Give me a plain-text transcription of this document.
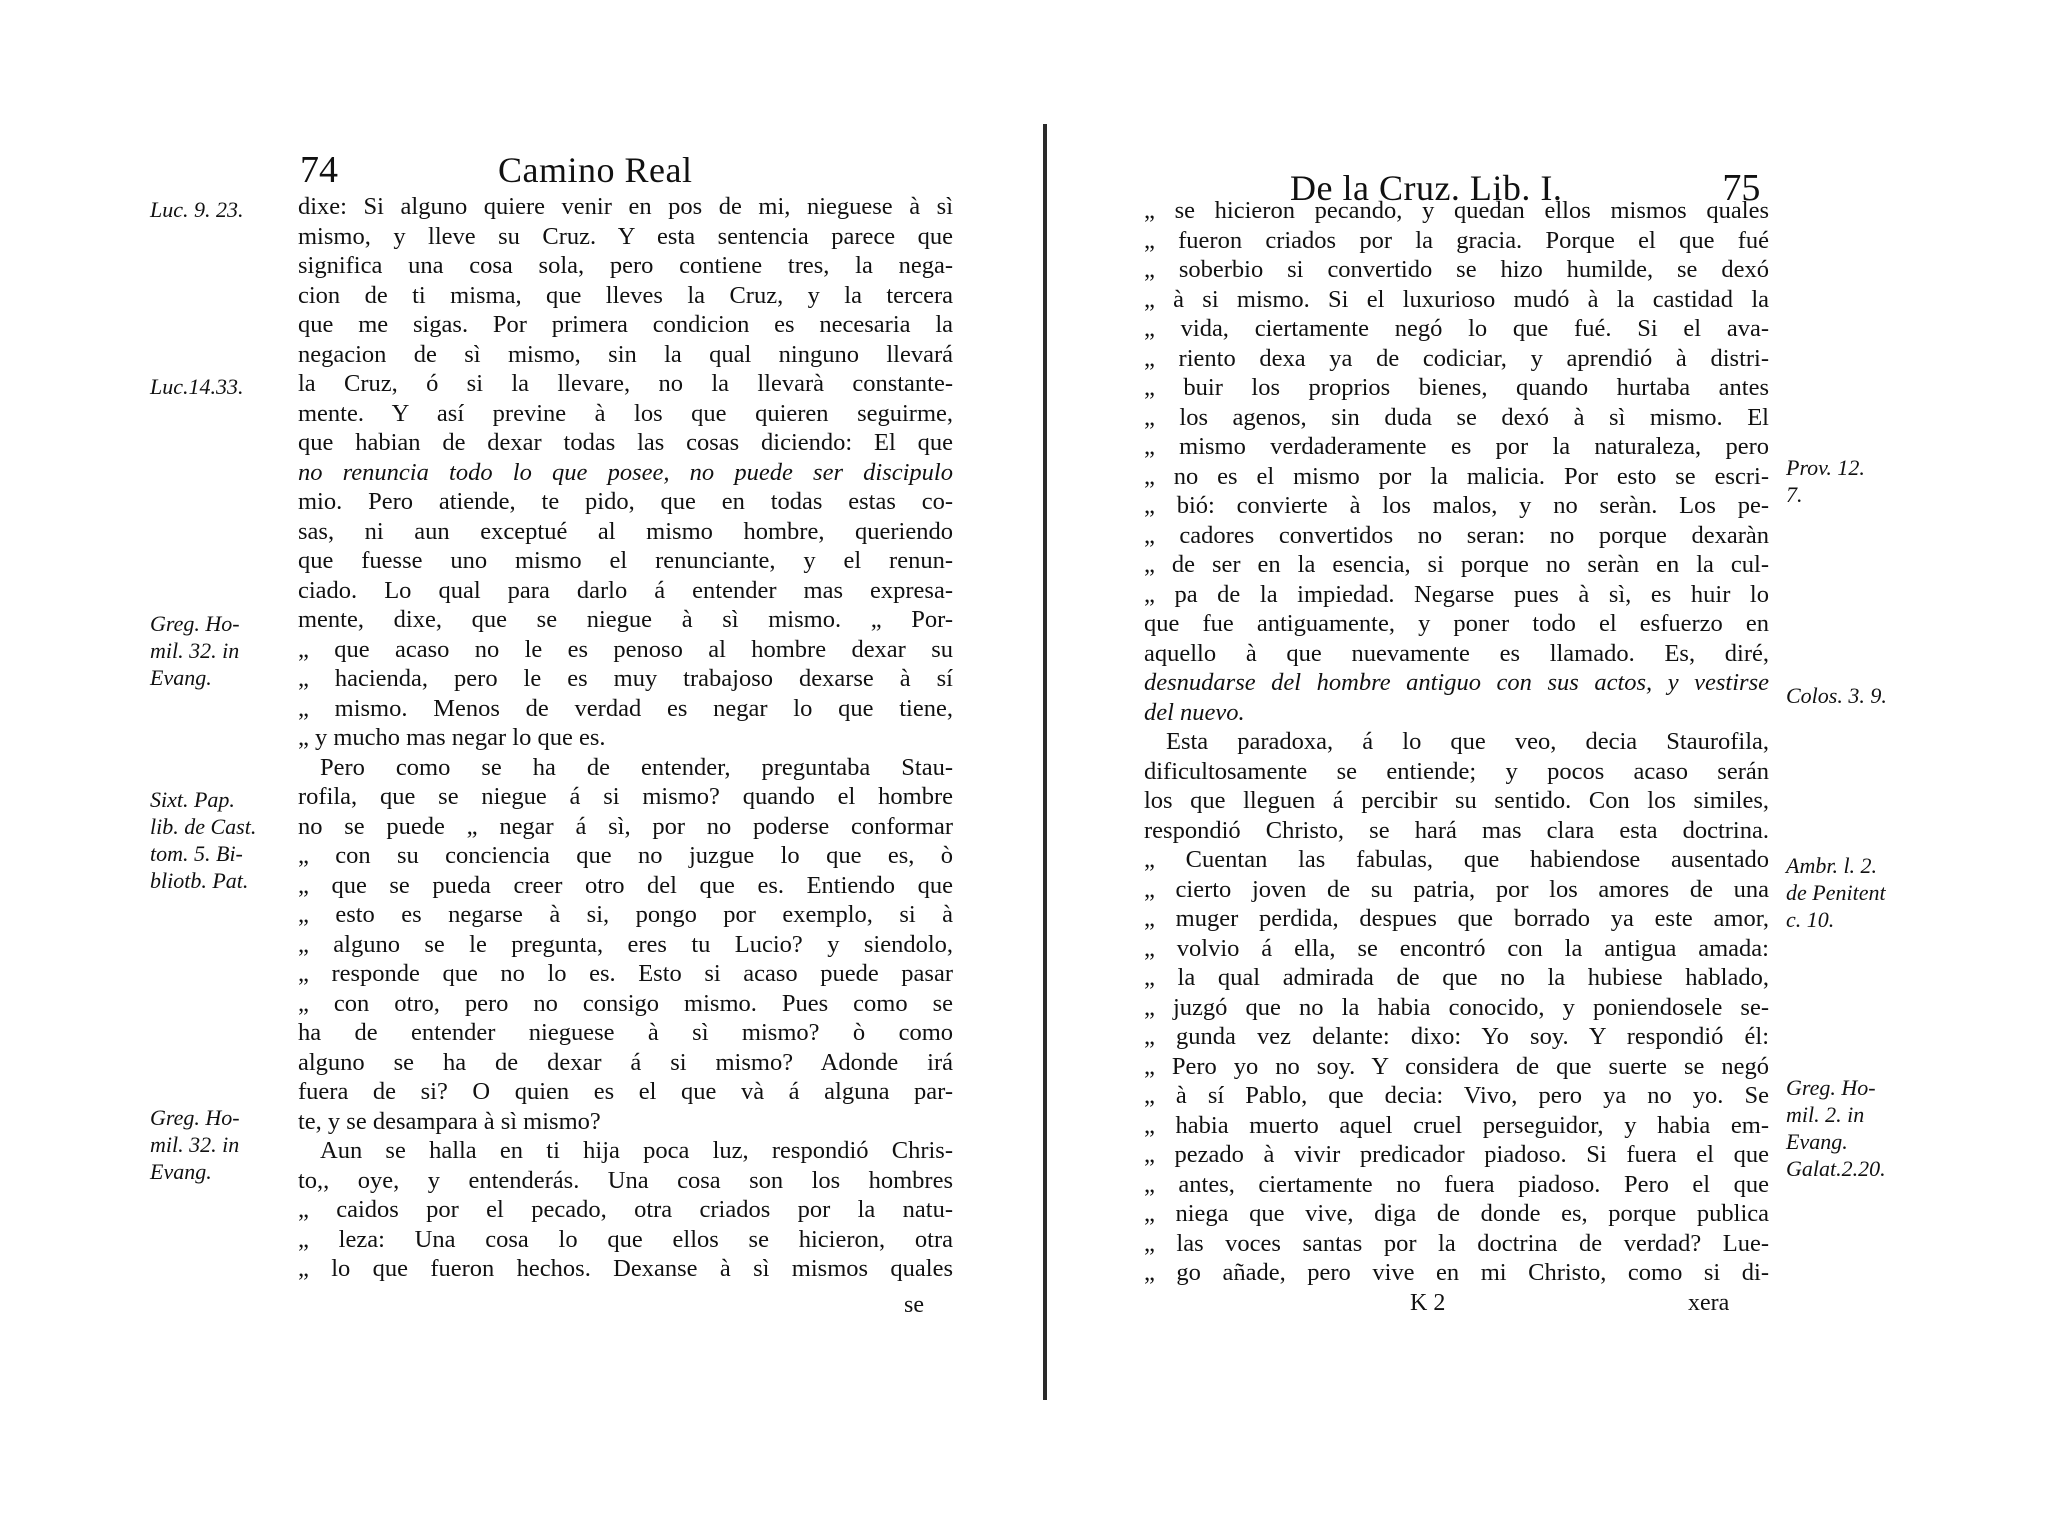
74	Camino Real
Luc. 9. 23.
Luc.14.33.
Greg. Ho-
mil. 32. in
Evang.
Sixt. Pap.
lib. de Cast.
tom. 5. Bi-
bliotb. Pat.
Greg. Ho-
mil. 32. in
Evang.
dixe: Si alguno quiere venir en pos de mi, nieguese à sì
mismo, y lleve su Cruz. Y esta sentencia parece que
significa una cosa sola, pero contiene tres, la nega-
cion de ti misma, que lleves la Cruz, y la tercera
que me sigas. Por primera condicion es necesaria la
negacion de sì mismo, sin la qual ninguno llevará
la Cruz, ó si la llevare, no la llevarà constante-
mente. Y así previne à los que quieren seguirme,
que habian de dexar todas las cosas diciendo: El que
no renuncia todo lo que posee, no puede ser discipulo
mio. Pero atiende, te pido, que en todas estas co-
sas, ni aun exceptué al mismo hombre, queriendo
que fuesse uno mismo el renunciante, y el renun-
ciado. Lo qual para darlo á entender mas expresa-
mente, dixe, que se niegue à sì mismo. „ Por-
„ que acaso no le es penoso al hombre dexar su
„ hacienda, pero le es muy trabajoso dexarse à sí
„ mismo. Menos de verdad es negar lo que tiene,
„ y mucho mas negar lo que es.
Pero como se ha de entender, preguntaba Stau-
rofila, que se niegue á si mismo? quando el hombre
no se puede „ negar á sì, por no poderse conformar
„ con su conciencia que no juzgue lo que es, ò
„ que se pueda creer otro del que es. Entiendo que
„ esto es negarse à si, pongo por exemplo, si à
„ alguno se le pregunta, eres tu Lucio? y siendolo,
„ responde que no lo es. Esto si acaso puede pasar
„ con otro, pero no consigo mismo. Pues como se
ha de entender nieguese à sì mismo? ò como
alguno se ha de dexar á si mismo? Adonde irá
fuera de si? O quien es el que và á alguna par-
te, y se desampara à sì mismo?
Aun se halla en ti hija poca luz, respondió Chris-
to,, oye, y entenderás. Una cosa son los hombres
„ caidos por el pecado, otra criados por la natu-
„ leza: Una cosa lo que ellos se hicieron, otra
„ lo que fueron hechos. Dexanse à sì mismos quales
se
De la Cruz. Lib. I.	75
Prov. 12.
7.
Colos. 3. 9.
Ambr. l. 2.
de Penitent
c. 10.
Greg. Ho-
mil. 2. in
Evang.
Galat.2.20.
„ se hicieron pecando, y quedan ellos mismos quales
„ fueron criados por la gracia. Porque el que fué
„ soberbio si convertido se hizo humilde, se dexó
„ à si mismo. Si el luxurioso mudó à la castidad la
„ vida, ciertamente negó lo que fué. Si el ava-
„ riento dexa ya de codiciar, y aprendió à distri-
„ buir los proprios bienes, quando hurtaba antes
„ los agenos, sin duda se dexó à sì mismo. El
„ mismo verdaderamente es por la naturaleza, pero
„ no es el mismo por la malicia. Por esto se escri-
„ bió: convierte à los malos, y no seràn. Los pe-
„ cadores convertidos no seran: no porque dexaràn
„ de ser en la esencia, si porque no seràn en la cul-
„ pa de la impiedad. Negarse pues à sì, es huir lo
que fue antiguamente, y poner todo el esfuerzo en
aquello à que nuevamente es llamado. Es, diré,
desnudarse del hombre antiguo con sus actos, y vestirse
del nuevo.
Esta paradoxa, á lo que veo, decia Staurofila,
dificultosamente se entiende; y pocos acaso serán
los que lleguen á percibir su sentido. Con los similes,
respondió Christo, se hará mas clara esta doctrina.
„ Cuentan las fabulas, que habiendose ausentado
„ cierto joven de su patria, por los amores de una
„ muger perdida, despues que borrado ya este amor,
„ volvio á ella, se encontró con la antigua amada:
„ la qual admirada de que no la hubiese hablado,
„ juzgó que no la habia conocido, y poniendosele se-
„ gunda vez delante: dixo: Yo soy. Y respondió él:
„ Pero yo no soy. Y considera de que suerte se negó
„ à sí Pablo, que decia: Vivo, pero ya no yo. Se
„ habia muerto aquel cruel perseguidor, y habia em-
„ pezado à vivir predicador piadoso. Si fuera el que
„ antes, ciertamente no fuera piadoso. Pero el que
„ niega que vive, diga de donde es, porque publica
„ las voces santas por la doctrina de verdad? Lue-
„ go añade, pero vive en mi Christo, como si di-
K 2	xera
